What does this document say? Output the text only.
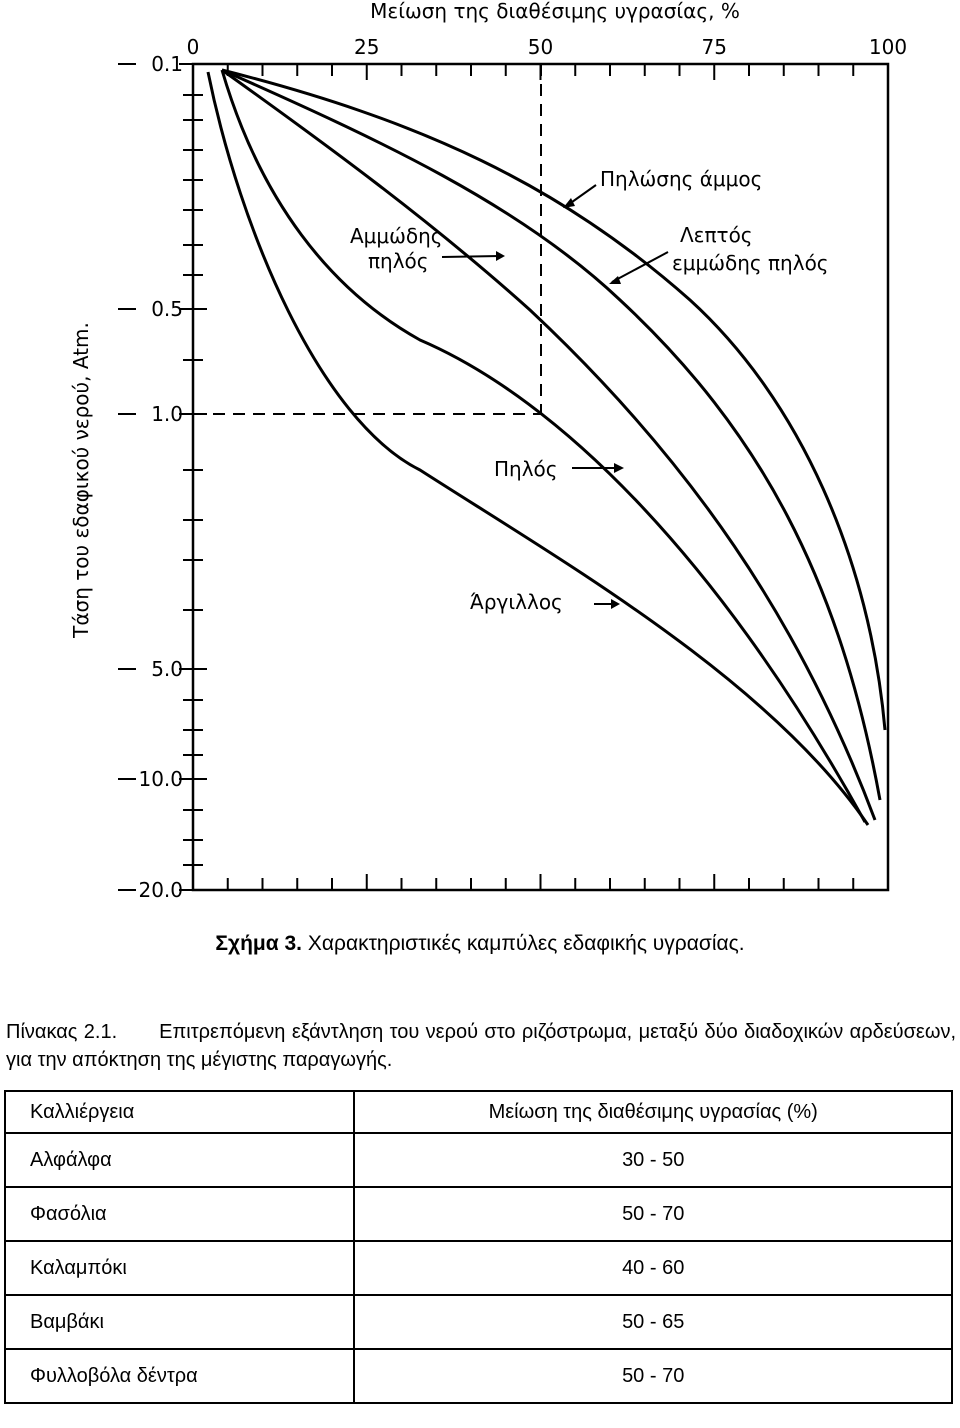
Μείωση της διαθέσιμης υγρασίας, %
0	25	50	75	100
0.1
0.5
1.0
5.0
10.0
20.0
Τάση του εδαφικού νερού, Atm.
Πηλώσης άμμος
Λεπτός
εμμώδης πηλός
Αμμώδης
πηλός
Πηλός
Άργιλλος
Σχήμα 3. Χαρακτηριστικές καμπύλες εδαφικής υγρασίας.
Πίνακας 2.1. Επιτρεπόμενη εξάντληση του νερού στο ριζόστρωμα, μεταξύ δύο διαδοχικών αρδεύσεων, για την απόκτηση της μέγιστης παραγωγής.
Καλλιέργεια	Μείωση της διαθέσιμης υγρασίας (%)
Αλφάλφα	30 - 50
Φασόλια	50 - 70
Καλαμπόκι	40 - 60
Βαμβάκι	50 - 65
Φυλλοβόλα δέντρα	50 - 70
